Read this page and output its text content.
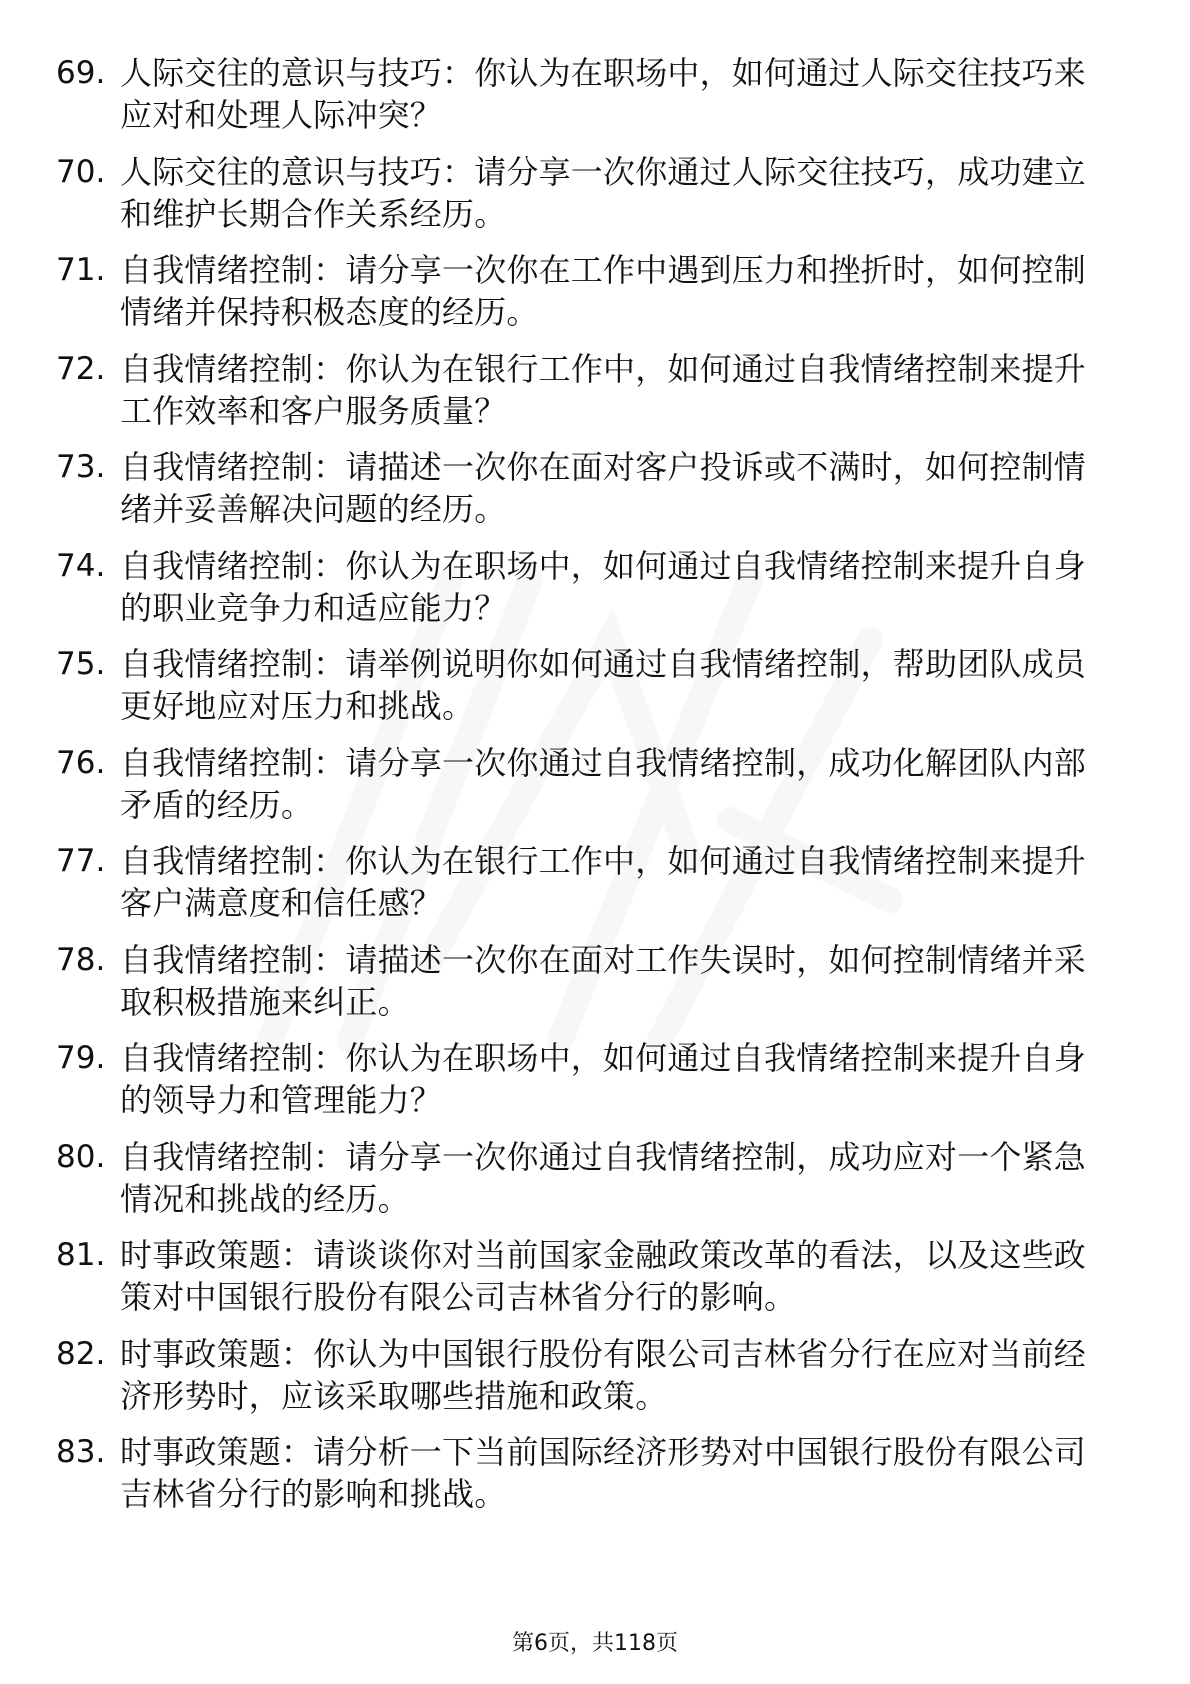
69. 人际交往的意识与技巧：你认为在职场中，如何通过人际交往技巧来应对和处理人际冲突？
70. 人际交往的意识与技巧：请分享一次你通过人际交往技巧，成功建立和维护长期合作关系经历。
71. 自我情绪控制：请分享一次你在工作中遇到压力和挫折时，如何控制情绪并保持积极态度的经历。
72. 自我情绪控制：你认为在银行工作中，如何通过自我情绪控制来提升工作效率和客户服务质量？
73. 自我情绪控制：请描述一次你在面对客户投诉或不满时，如何控制情绪并妥善解决问题的经历。
74. 自我情绪控制：你认为在职场中，如何通过自我情绪控制来提升自身的职业竞争力和适应能力？
75. 自我情绪控制：请举例说明你如何通过自我情绪控制，帮助团队成员更好地应对压力和挑战。
76. 自我情绪控制：请分享一次你通过自我情绪控制，成功化解团队内部矛盾的经历。
77. 自我情绪控制：你认为在银行工作中，如何通过自我情绪控制来提升客户满意度和信任感？
78. 自我情绪控制：请描述一次你在面对工作失误时，如何控制情绪并采取积极措施来纠正。
79. 自我情绪控制：你认为在职场中，如何通过自我情绪控制来提升自身的领导力和管理能力？
80. 自我情绪控制：请分享一次你通过自我情绪控制，成功应对一个紧急情况和挑战的经历。
81. 时事政策题：请谈谈你对当前国家金融政策改革的看法，以及这些政策对中国银行股份有限公司吉林省分行的影响。
82. 时事政策题：你认为中国银行股份有限公司吉林省分行在应对当前经济形势时，应该采取哪些措施和政策。
83. 时事政策题：请分析一下当前国际经济形势对中国银行股份有限公司吉林省分行的影响和挑战。
第6页，共118页
